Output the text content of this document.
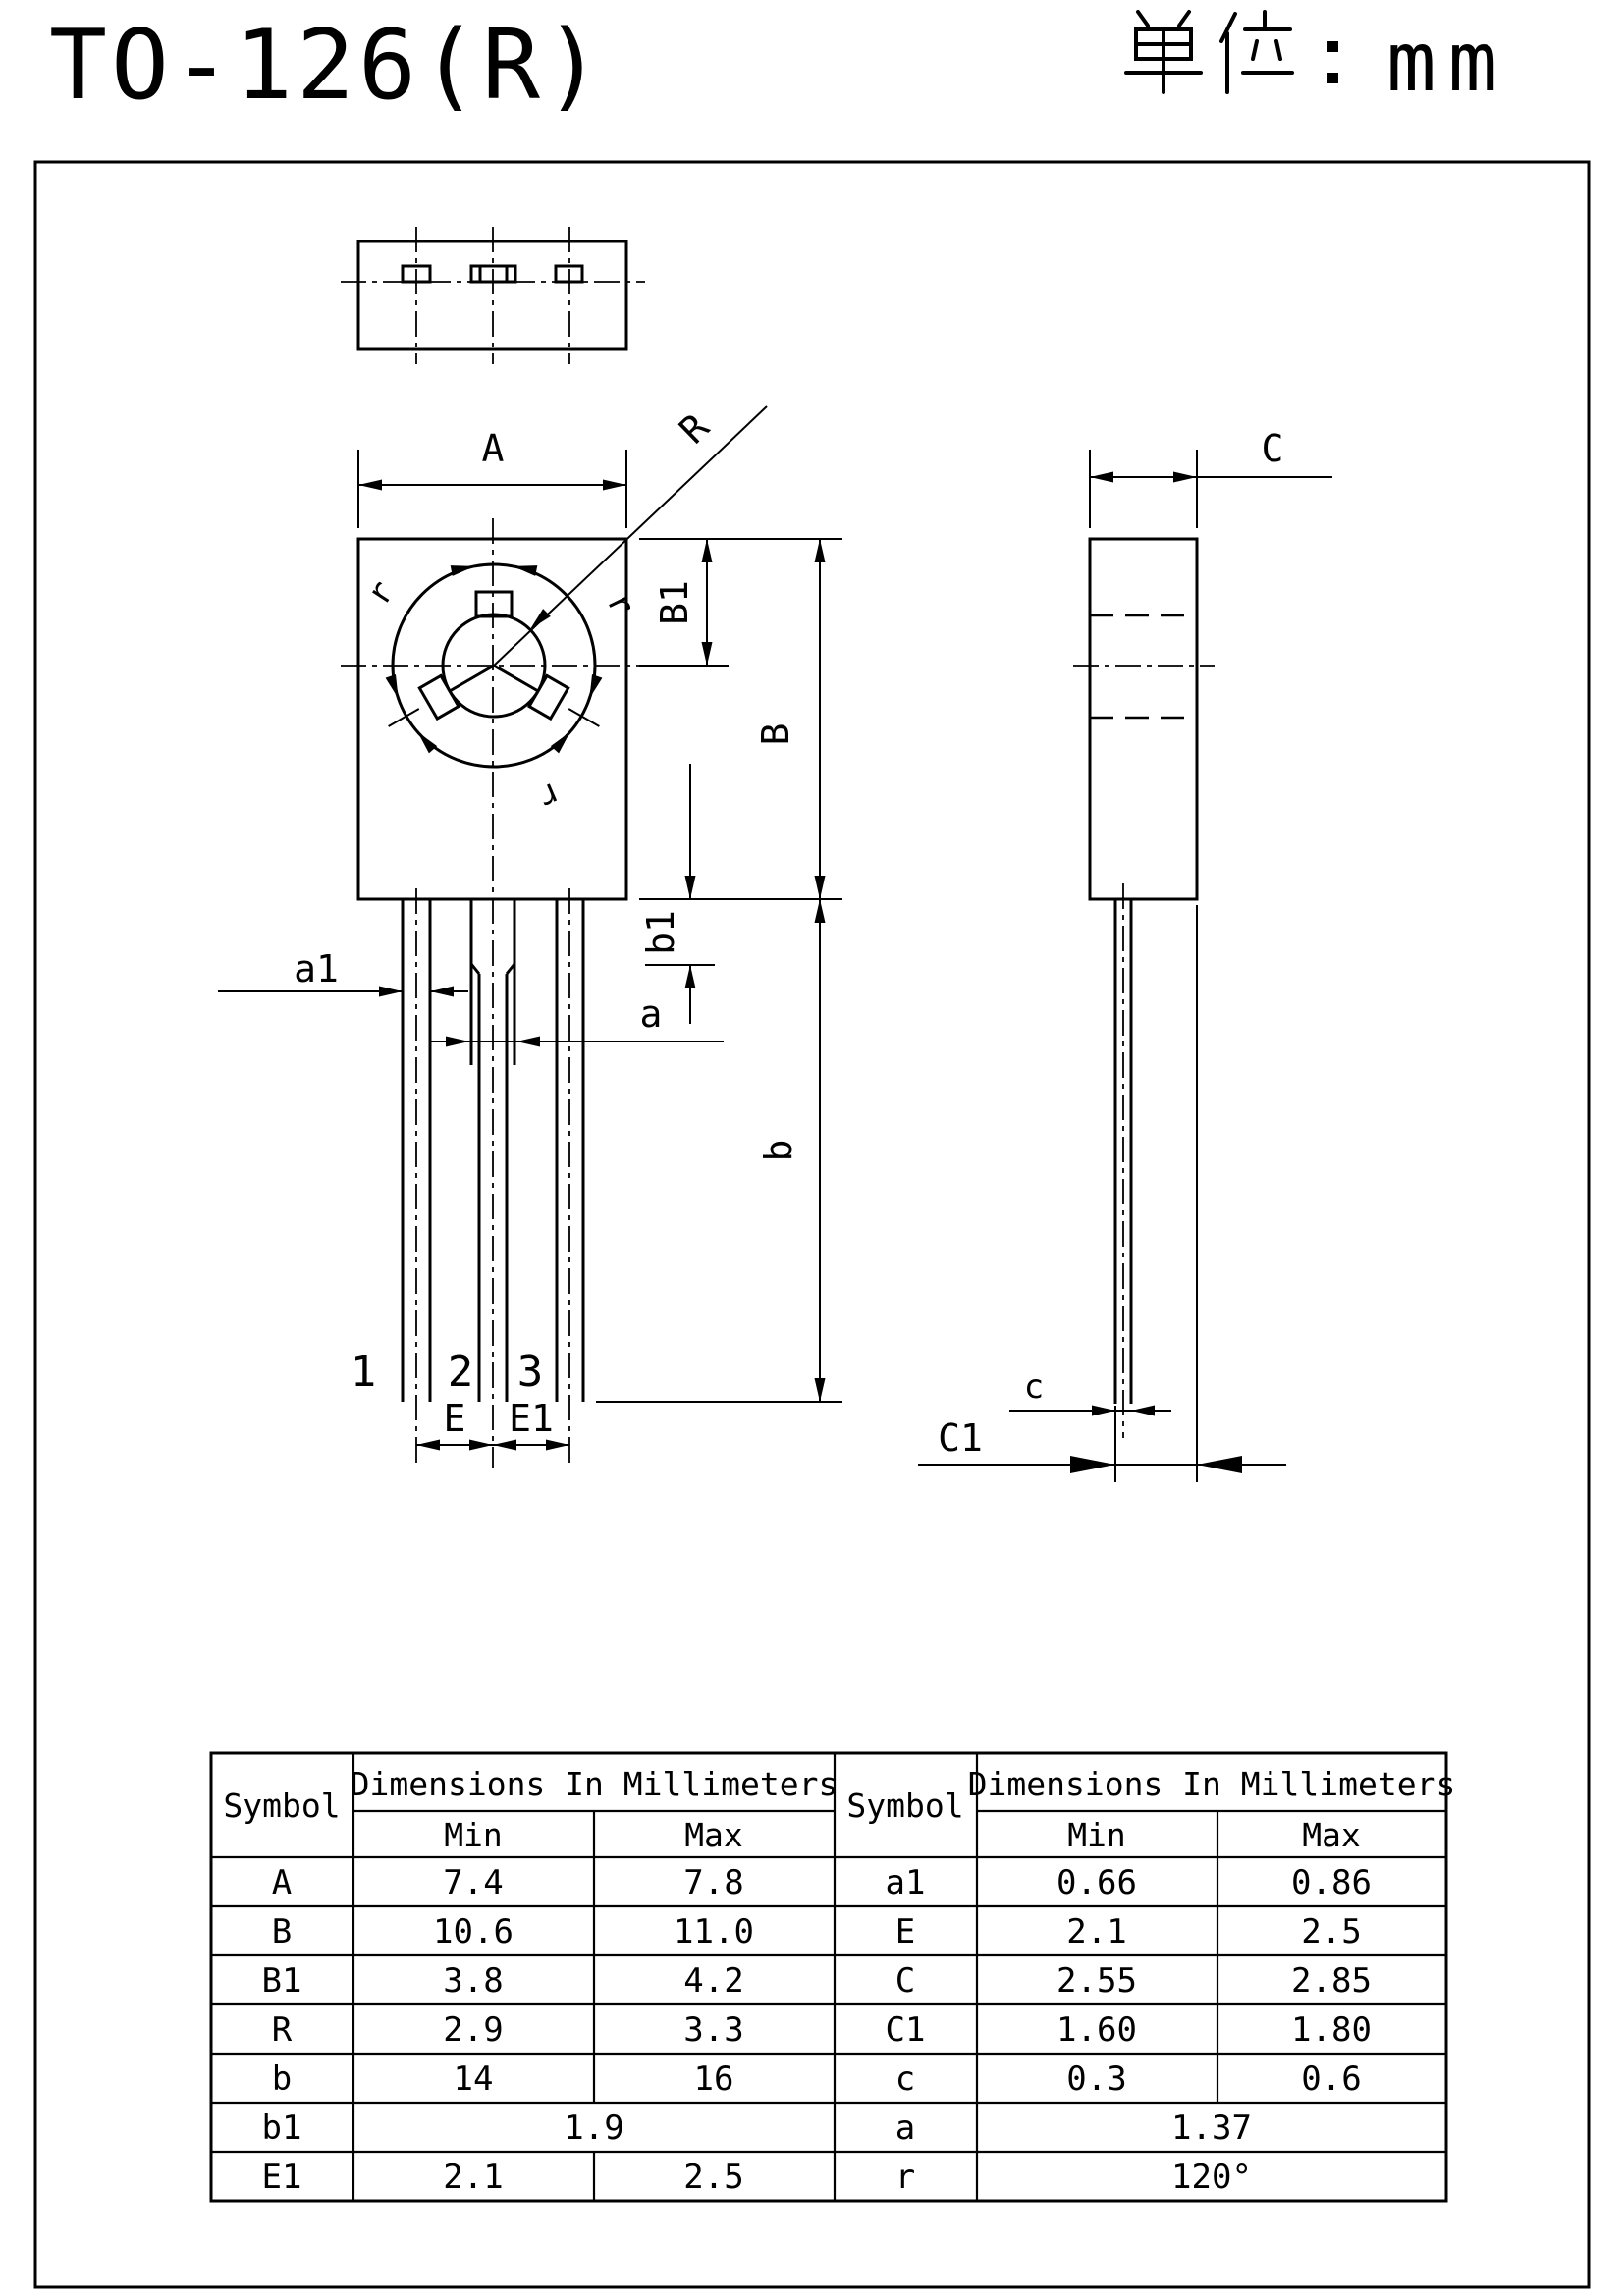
TO-126(R)	mm
r	r
r
R
1 2 3
A
B1
B
b1
a1
a
b
E E1
C
c
C1
Symbol
Dimensions In Millimeters
Min	Max
Symbol
Dimensions In Millimeters
Min	Max
A	7.4	7.8
B	10.6	11.0
B1	3.8	4.2
R	2.9	3.3
b	14	16
b1	1.9
E1	2.1	2.5
a1	0.66	0.86
E	2.1	2.5
C	2.55	2.85
C1	1.60	1.80
c	0.3	0.6
a	1.37
r	120°
